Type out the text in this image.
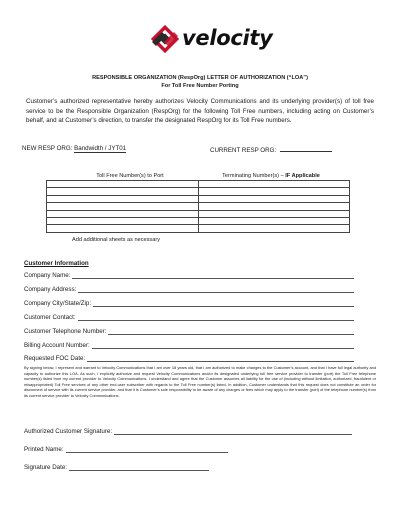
velocity
RESPONSIBLE ORGANIZATION (RespOrg) LETTER OF AUTHORIZATION (“LOA”)
For Toll Free Number Porting
Customer’s authorized representative hereby authorizes Velocity Communications and its underlying provider(s) of toll free service to be the Responsible Organization (RespOrg) for the following Toll Free numbers, including acting on Customer’s behalf, and at Customer’s direction, to transfer the designated RespOrg for its Toll Free numbers.
NEW RESP ORG: Bandwidth / JYT01	CURRENT RESP ORG:
Toll Free Number(s) to Port	Terminating Number(s) – IF Applicable

Add additional sheets as necessary
Customer Information
Company Name:
Company Address:
Company City/State/Zip:
Customer Contact:
Customer Telephone Number:
Billing Account Number:
Requested FOC Date:
By signing below, I represent and warrant to Velocity Communications that I am over 18 years old, that I am authorized to make changes to the Customer’s account, and that I have full legal authority and capacity to authorize this LOA. As such, I explicitly authorize and request Velocity Communications and/or its designated underlying toll free service provider to transfer (port) the Toll Free telephone number(s) listed from my current provider to Velocity Communications. I understand and agree that the Customer assumes all liability for the use of (including without limitation, authorized, fraudulent or misappropriated) Toll Free services of any other end-user subscriber with regards to the Toll Free number(s) listed. In addition, Customer understands that this request does not constitute an order for disconnect of service with its current service provider, and that it is Customer’s sole responsibility to be aware of any charges or fees which may apply to the transfer (port) of the telephone number(s) from its current service provider to Velocity Communications.
Authorized Customer Signature:
Printed Name:
Signature Date:
